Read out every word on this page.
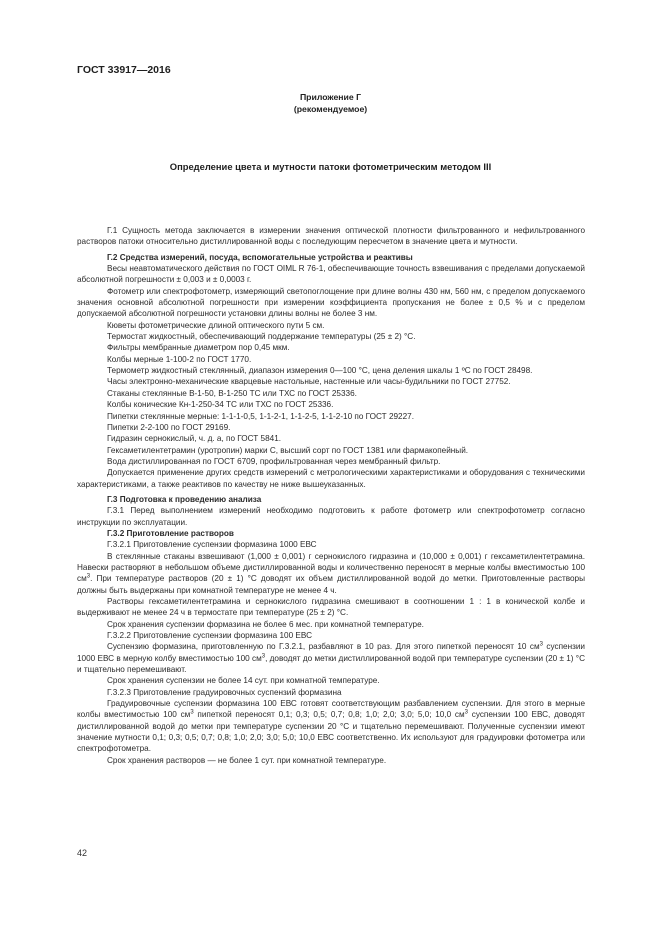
ГОСТ 33917—2016
Приложение Г
(рекомендуемое)
Определение цвета и мутности патоки фотометрическим методом III

Г.1 Сущность метода заключается в измерении значения оптической плотности фильтрованного и нефильтрованного растворов патоки относительно дистиллированной воды с последующим пересчетом в значение цвета и мутности.

Г.2 Средства измерений, посуда, вспомогательные устройства и реактивы

Весы неавтоматического действия по ГОСТ OIML R 76-1, обеспечивающие точность взвешивания с пределами допускаемой абсолютной погрешности ± 0,003 и ± 0,0003 г.

Фотометр или спектрофотометр, измеряющий светопоглощение при длине волны 430 нм, 560 нм, с пределом допускаемого значения основной абсолютной погрешности при измерении коэффициента пропускания не более ± 0,5 % и с пределом допускаемой абсолютной погрешности установки длины волны не более 3 нм.

Кюветы фотометрические длиной оптического пути 5 см.

Термостат жидкостный, обеспечивающий поддержание температуры (25 ± 2) °С.

Фильтры мембранные диаметром пор 0,45 мкм.

Колбы мерные 1-100-2 по ГОСТ 1770.

Термометр жидкостный стеклянный, диапазон измерения 0—100 °С, цена деления шкалы 1 ºС по ГОСТ 28498.

Часы электронно-механические кварцевые настольные, настенные или часы-будильники по ГОСТ 27752.

Стаканы стеклянные В-1-50, В-1-250 ТС или ТХС по ГОСТ 25336.

Колбы конические Кн-1-250-34 ТС или ТХС по ГОСТ 25336.

Пипетки стеклянные мерные: 1-1-1-0,5, 1-1-2-1, 1-1-2-5, 1-1-2-10 по ГОСТ 29227.

Пипетки 2-2-100 по ГОСТ 29169.

Гидразин сернокислый, ч. д. а, по ГОСТ 5841.

Гексаметилентетрамин (уротропин) марки С, высший сорт по ГОСТ 1381 или фармакопейный.

Вода дистиллированная по ГОСТ 6709, профильтрованная через мембранный фильтр.

Допускается применение других средств измерений с метрологическими характеристиками и оборудования с техническими характеристиками, а также реактивов по качеству не ниже вышеуказанных.

Г.3 Подготовка к проведению анализа

Г.3.1 Перед выполнением измерений необходимо подготовить к работе фотометр или спектрофотометр согласно инструкции по эксплуатации.

Г.3.2 Приготовление растворов

Г.3.2.1 Приготовление суспензии формазина 1000 ЕВС

В стеклянные стаканы взвешивают (1,000 ± 0,001) г сернокислого гидразина и (10,000 ± 0,001) г гексаметилентетрамина. Навески растворяют в небольшом объеме дистиллированной воды и количественно переносят в мерные колбы вместимостью 100 $см^3$. При температуре растворов (20 ± 1) °С доводят их объем дистиллированной водой до метки. Приготовленные растворы должны быть выдержаны при комнатной температуре не менее 4 ч.

Растворы гексаметилентетрамина и сернокислого гидразина смешивают в соотношении 1 : 1 в конической колбе и выдерживают не менее 24 ч в термостате при температуре (25 ± 2) °С.

Срок хранения суспензии формазина не более 6 мес. при комнатной температуре.

Г.3.2.2 Приготовление суспензии формазина 100 ЕВС

Суспензию формазина, приготовленную по Г.3.2.1, разбавляют в 10 раз. Для этого пипеткой переносят 10 $см^3$ суспензии 1000 ЕВС в мерную колбу вместимостью 100 $см^3$, доводят до метки дистиллированной водой при температуре суспензии (20 ± 1) °С и тщательно перемешивают.

Срок хранения суспензии не более 14 сут. при комнатной температуре.

Г.3.2.3 Приготовление градуировочных суспензий формазина

Градуировочные суспензии формазина 100 ЕВС готовят соответствующим разбавлением суспензии. Для этого в мерные колбы вместимостью 100 $см^3$ пипеткой переносят 0,1; 0,3; 0,5; 0,7; 0,8; 1,0; 2,0; 3,0; 5,0; 10,0 $см^3$ суспензии 100 ЕВС, доводят дистиллированной водой до метки при температуре суспензии 20 °С и тщательно перемешивают. Полученные суспензии имеют значение мутности 0,1; 0,3; 0,5; 0,7; 0,8; 1,0; 2,0; 3,0; 5,0; 10,0 ЕВС соответственно. Их используют для градуировки фотометра или спектрофотометра.

Срок хранения растворов — не более 1 сут. при комнатной температуре.

42
